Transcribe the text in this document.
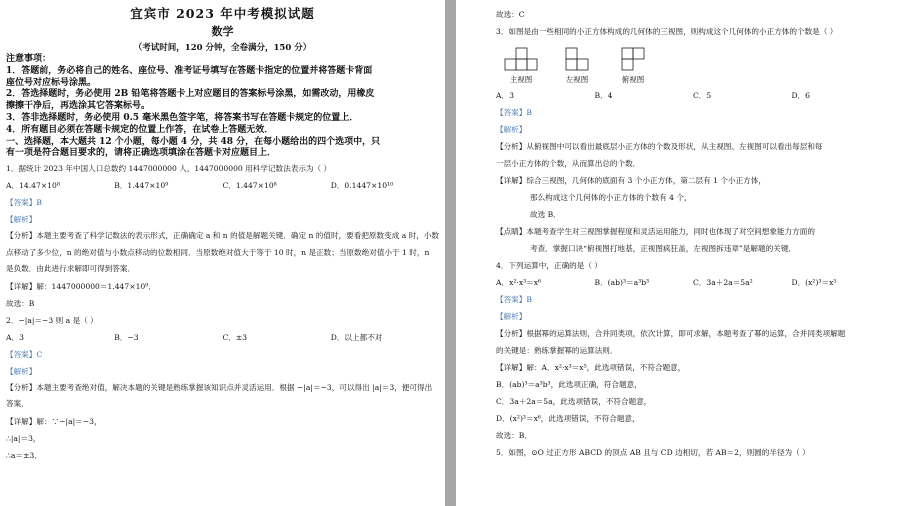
宜宾市 2023 年中考模拟试题
数学
（考试时间，120 分钟，全卷满分，150 分）
注意事项：
1．答题前，务必将自己的姓名、座位号、准考证号填写在答题卡指定的位置并将答题卡背面
座位号对应标号涂黑。
2．答选择题时，务必使用 2B 铅笔将答题卡上对应题目的答案标号涂黑，如需改动，用橡皮
擦擦干净后，再选涂其它答案标号。
3．答非选择题时，务必使用 0.5 毫米黑色签字笔，将答案书写在答题卡规定的位置上．
4．所有题目必须在答题卡规定的位置上作答，在试卷上答题无效．
一、选择题，本大题共 12 个小题，每小题 4 分，共 48 分，在每小题给出的四个选项中，只
有一项是符合题目要求的，请将正确选项填涂在答题卡对应题目上．
1．据统计 2023 年中国人口总数约 1447000000 人，1447000000 用科学记数法表示为（ ）
A．14.47×10⁸	B．1.447×10⁹	C．1.447×10⁸	D．0.1447×10¹⁰
【答案】B
【解析】
【分析】本题主要考查了科学记数法的表示形式，正确确定 a 和 n 的值是解题关键．确定 n 的值时，要看把原数变成 a 时，小数点移动了多少位，n 的绝对值与小数点移动的位数相同．当原数绝对值大于等于 10 时，n 是正数；当原数绝对值小于 1 时，n 是负数．由此进行求解即可得到答案．
【详解】解：1447000000＝1.447×10⁹．
故选：B
2．−|a|＝−3 则 a 是（ ）
A．3	B．−3	C．±3	D．以上都不对
【答案】C
【解析】
【分析】本题主要考查绝对值，解决本题的关键是熟练掌握该知识点并灵活运用．根据 −|a|＝−3，可以得出 |a|＝3，便可得出答案．
【详解】解：∵−|a|＝−3，
∴|a|＝3，
∴a＝±3．
故选：C
3．如图是由一些相同的小正方体构成的几何体的三视图，则构成这个几何体的小正方体的个数是（ ）
主视图	左视图	俯视图
A．3	B．4	C．5	D．6
【答案】B
【解析】
【分析】从俯视图中可以看出最底层小正方体的个数及形状，从主视图、左视图可以看出每层和每
一层小正方体的个数，从而算出总的个数．
【详解】综合三视图，几何体的底面有 3 个小正方体，第二层有 1 个小正方体，
那么构成这个几何体的小正方体的个数有 4 个，
故选 B．
【点睛】本题考查学生对三视图掌握程度和灵活运用能力，同时也体现了对空间想象能力方面的
考查．掌握口诀“俯视图打地基，正视图疯狂盖，左视图拆违章”是解题的关键．
4．下列运算中，正确的是（ ）
A．x²·x³＝x⁶	B．(ab)³＝a³b³	C．3a＋2a＝5a²	D．(x²)³＝x⁵
【答案】B
【解析】
【分析】根据幂的运算法则，合并同类项，依次计算，即可求解，本题考查了幂的运算，合并同类项解题
的关键是：熟练掌握幂的运算法则．
【详解】解：A．x²·x³＝x⁵，此选项错误，不符合题意，
B．(ab)³＝a³b³，此选项正确，符合题意，
C．3a＋2a＝5a，此选项错误，不符合题意，
D．(x²)³＝x⁶，此选项错误，不符合题意，
故选：B．
5．如图，⊙O 过正方形 ABCD 的顶点 AB 且与 CD 边相切，若 AB＝2，则圆的半径为（ ）
